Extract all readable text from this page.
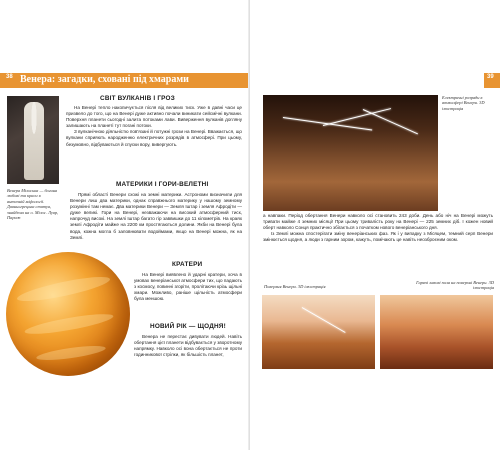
38 Венера: загадки, сховані під хмарами
Венера Мілоська — богиня любові та краси в античній міфології. Давньогрецька статуя, знайдена на о. Мілос. Лувр, Париж
СВІТ ВУЛКАНІВ І ГРОЗ

На Венері тепло накопичується після від великих тиск. Уже в давні часи це призвело до того, що на Венері дуже активно почали виникати сейсмічні вулкани. Поверхня планети сьогодні залита потоками лави. Виверження вулканів догляну залишають на планеті тут погані потоки.

З вулканічною діяльністю пов'язані й потужні грози на Венері. Вважається, що вулкани сприяють народженню електричних розрядів в атмосфері. При цьому, безумовно, відбуваються й спуски вору, вивергують.

МАТЕРИКИ І ГОРИ-ВЕЛЕТНІ

Прямі області Венери схожі на земні материки. Астрономи визначили для Венери лиш два материки, однак справжнього материку у нашому земному розумінні там немає. Два материки Венери — Земля Іштар і земля Афродіти — дуже великі. Гори на Венері, незважаючи на високий атмосферний тиск, напрочуд високі. На землі Іштар багато гір заввишки до 11 кілометрів. На краях землі Афродіти майже на 2200 км простягаються долини. Якби на Венері була вода, кожна могла б заповнювати водоймами, якщо на Венері можна, як на Землі.

КРАТЕРИ

На Венері виявлено й ударні кратери, хоча в умовах венеріанської атмосфери тих, що падають з космосу, повинні згоріти, пролітаючи крізь щільні хмари. Можливо, раніше щільність атмосфери була меншою.

НОВИЙ РІК — ЩОДНЯ!

Венера не перестає дивувати людей. Навіть обертання цієї планети відбувається у зворотному напрямку. Навколо осі вона обертається не проти годинникової стрілки, як більшість планет,

39
Електричні розряди в атмосфері Венери. 3D ілюстрація

а навпаки. Період обертання Венери навколо осі становить 243 доби. День або ніч на Венері можуть тривати майже 4 земних місяці! При цьому тривалість року на Венері — 225 земних діб. І кожен новий оберт навколо Сонця практично збігається з початком нового венеріанського дня.

Із Землі можна спостерігати зміну венеріанських фаз. Як і у випадку з Місяцем, темний серп Венери змінюється щодня, а люди з гарним зором, кажуть, помічають це навіть неозброєним оком.

Поверхня Венери. 3D ілюстрація
Гарячі лавові поля на поверхні Венери. 3D ілюстрація
